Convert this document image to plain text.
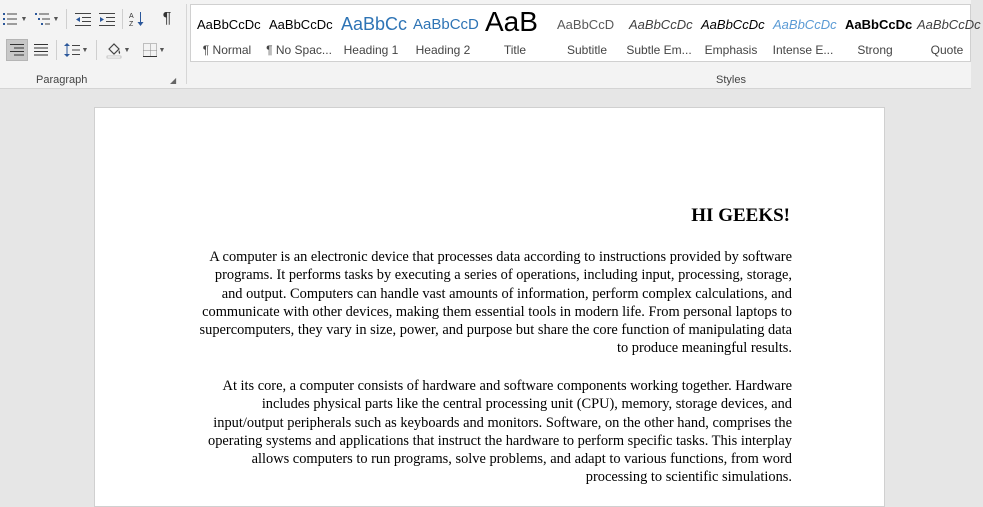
▼	▼	A
Z ¶
▼	▼	▼
Paragraph	◢
AaBbCcDc
¶ Normal
AaBbCcDc
¶ No Spac...
AaBbCc
Heading 1
AaBbCcD
Heading 2
AaB
Title
AaBbCcD
Subtitle
AaBbCcDc
Subtle Em...
AaBbCcDc
Emphasis
AaBbCcDc
Intense E...
AaBbCcDc
Strong
AaBbCcDc
Quote
Styles
HI GEEKS!

A computer is an electronic device that processes data according to instructions provided by software programs. It performs tasks by executing a series of operations, including input, processing, storage, and output. Computers can handle vast amounts of information, perform complex calculations, and communicate with other devices, making them essential tools in modern life. From personal laptops to supercomputers, they vary in size, power, and purpose but share the core function of manipulating data to produce meaningful results.

At its core, a computer consists of hardware and software components working together. Hardware includes physical parts like the central processing unit (CPU), memory, storage devices, and input/output peripherals such as keyboards and monitors. Software, on the other hand, comprises the operating systems and applications that instruct the hardware to perform specific tasks. This interplay allows computers to run programs, solve problems, and adapt to various functions, from word processing to scientific simulations.
